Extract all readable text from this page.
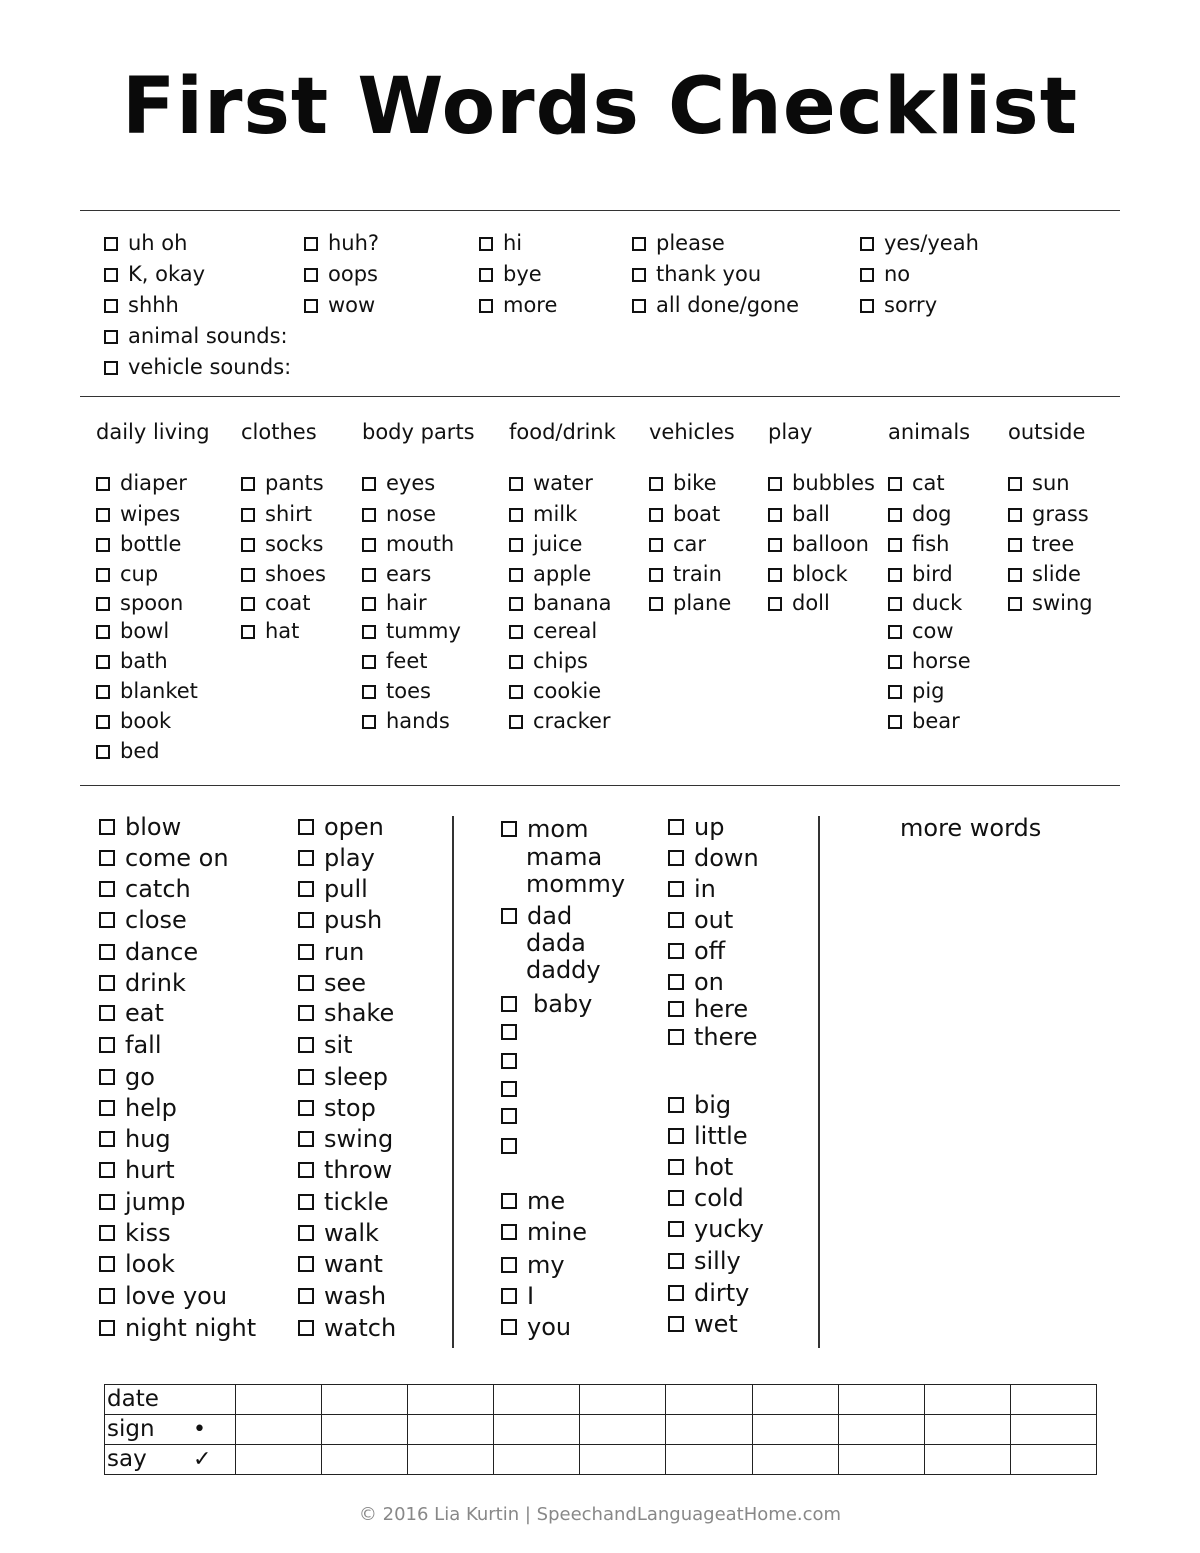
First Words Checklist
uh oh
K, okay
shhh
animal sounds:
vehicle sounds:
huh?
oops
wow
hi
bye
more
please
thank you
all done/gone
yes/yeah
no
sorry
daily living
diaper
wipes
bottle
cup
spoon
bowl
bath
blanket
book
bed
clothes
pants
shirt
socks
shoes
coat
hat
body parts
eyes
nose
mouth
ears
hair
tummy
feet
toes
hands
food/drink
water
milk
juice
apple
banana
cereal
chips
cookie
cracker
vehicles
bike
boat
car
train
plane
play
bubbles
ball
balloon
block
doll
animals
cat
dog
fish
bird
duck
cow
horse
pig
bear
outside
sun
grass
tree
slide
swing
blow
come on
catch
close
dance
drink
eat
fall
go
help
hug
hurt
jump
kiss
look
love you
night night
open
play
pull
push
run
see
shake
sit
sleep
stop
swing
throw
tickle
walk
want
wash
watch
me
mine
my
I
you
up
down
in
out
off
on
here
there
big
little
hot
cold
yucky
silly
dirty
wet
mom
mama
mommy
dad
dada
daddy
baby
more words
date

sign •										

say ✓										

© 2016 Lia Kurtin | SpeechandLanguageatHome.com
